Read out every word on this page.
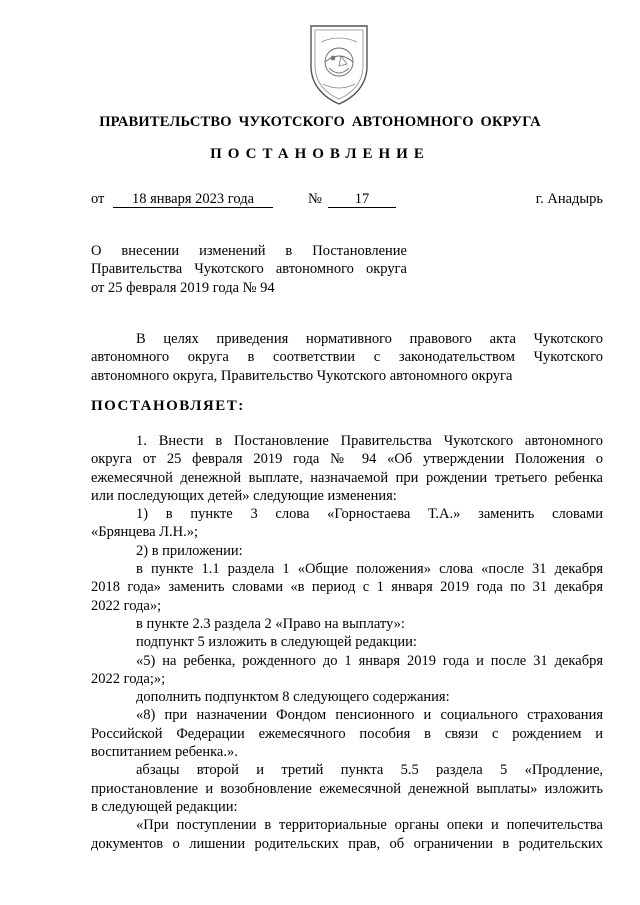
ПРАВИТЕЛЬСТВО ЧУКОТСКОГО АВТОНОМНОГО ОКРУГА
ПОСТАНОВЛЕНИЕ
от	18 января 2023 года	№	17	г. Анадырь
О внесении изменений в Постановление
Правительства Чукотского автономного округа
от 25 февраля 2019 года № 94
В целях приведения нормативного правового акта Чукотского
автономного округа в соответствии с законодательством Чукотского
автономного округа, Правительство Чукотского автономного округа
ПОСТАНОВЛЯЕТ:
1. Внести в Постановление Правительства Чукотского автономного
округа от 25 февраля 2019 года № 94 «Об утверждении Положения о
ежемесячной денежной выплате, назначаемой при рождении третьего ребенка
или последующих детей» следующие изменения:
1) в пункте 3 слова «Горностаева Т.А.» заменить словами
«Брянцева Л.Н.»;
2) в приложении:
в пункте 1.1 раздела 1 «Общие положения» слова «после 31 декабря
2018 года» заменить словами «в период с 1 января 2019 года по 31 декабря
2022 года»;
в пункте 2.3 раздела 2 «Право на выплату»:
подпункт 5 изложить в следующей редакции:
«5) на ребенка, рожденного до 1 января 2019 года и после 31 декабря
2022 года;»;
дополнить подпунктом 8 следующего содержания:
«8) при назначении Фондом пенсионного и социального страхования
Российской Федерации ежемесячного пособия в связи с рождением и
воспитанием ребенка.».
абзацы второй и третий пункта 5.5 раздела 5 «Продление,
приостановление и возобновление ежемесячной денежной выплаты» изложить
в следующей редакции:
«При поступлении в территориальные органы опеки и попечительства
документов о лишении родительских прав, об ограничении в родительских
